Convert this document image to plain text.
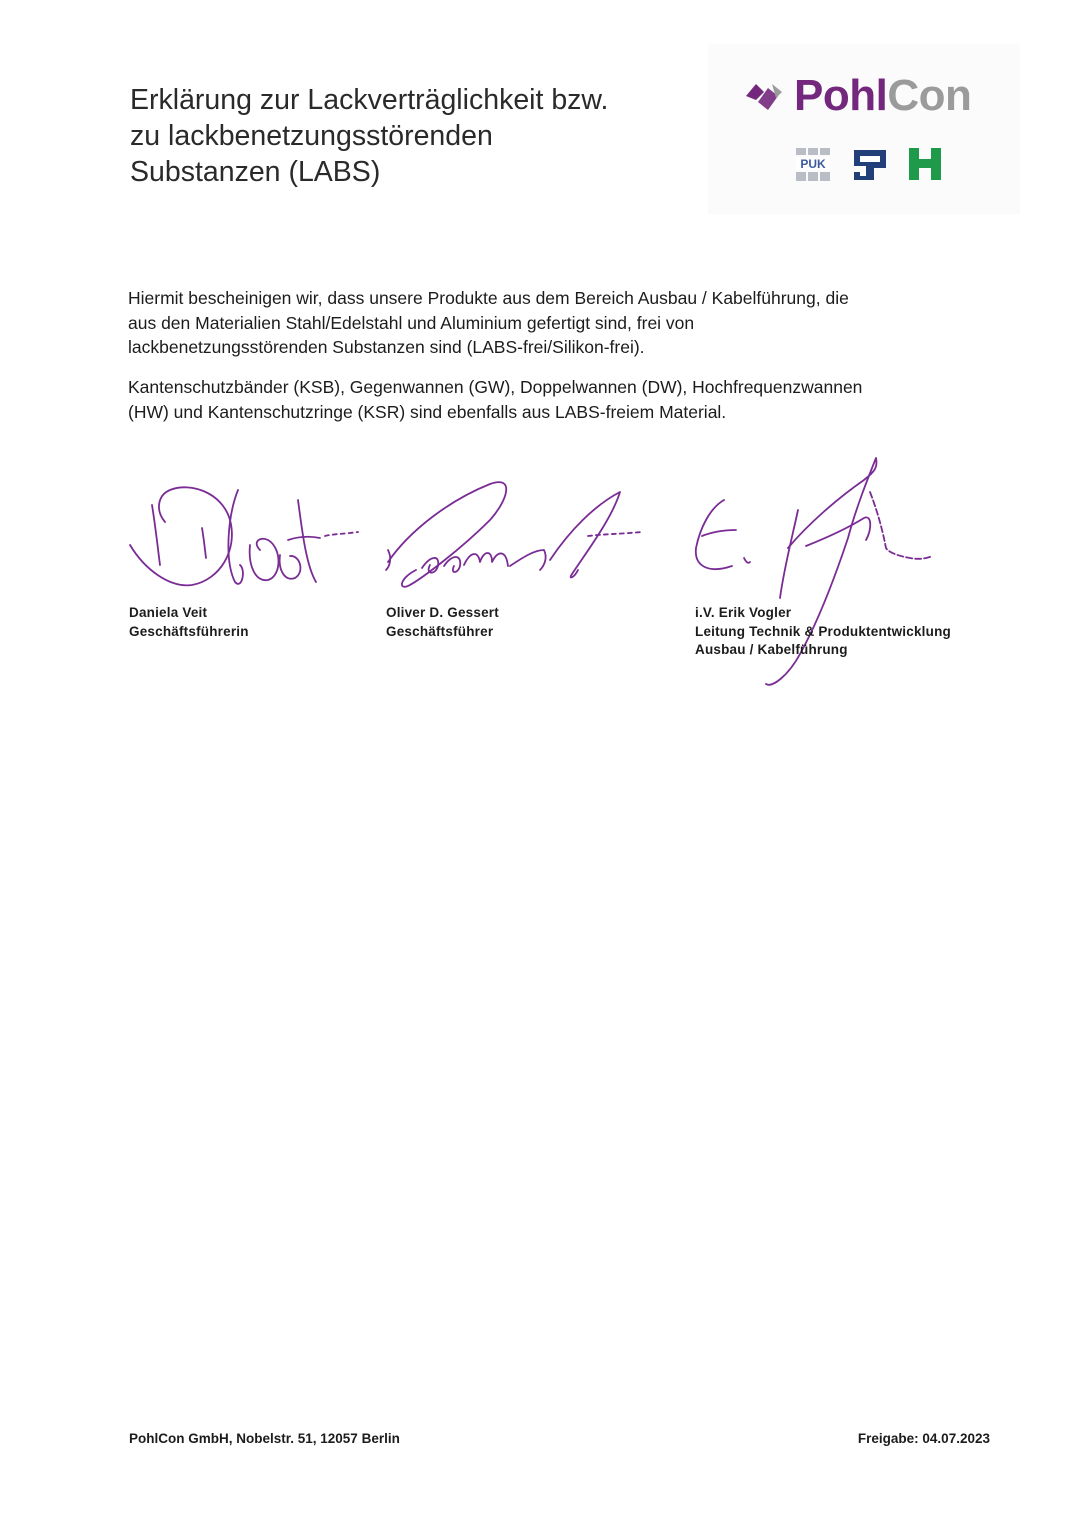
Erklärung zur Lackverträglichkeit bzw.
zu lackbenetzungsstörenden
Substanzen (LABS)
PohlCon
PUK
Hiermit bescheinigen wir, dass unsere Produkte aus dem Bereich Ausbau / Kabelführung, die
aus den Materialien Stahl/Edelstahl und Aluminium gefertigt sind, frei von
lackbenetzungsstörenden Substanzen sind (LABS-frei/Silikon-frei).
Kantenschutzbänder (KSB), Gegenwannen (GW), Doppelwannen (DW), Hochfrequenzwannen
(HW) und Kantenschutzringe (KSR) sind ebenfalls aus LABS-freiem Material.
Daniela Veit
Geschäftsführerin
Oliver D. Gessert
Geschäftsführer
i.V. Erik Vogler
Leitung Technik & Produktentwicklung
Ausbau / Kabelführung
PohlCon GmbH, Nobelstr. 51, 12057 Berlin	Freigabe: 04.07.2023
